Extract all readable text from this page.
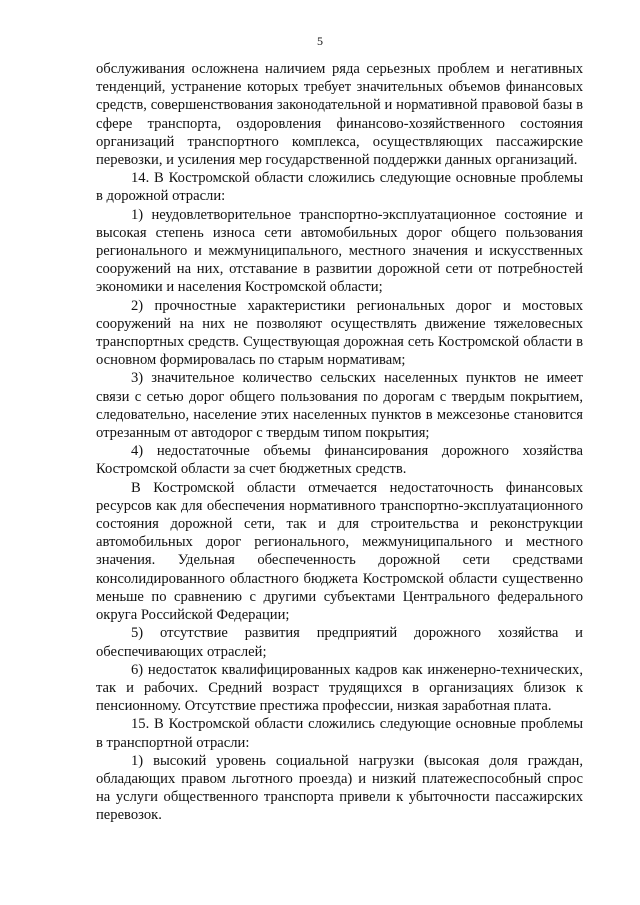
5

обслуживания осложнена наличием ряда серьезных проблем и негативных тенденций, устранение которых требует значительных объемов финансовых средств, совершенствования законодательной и нормативной правовой базы в сфере транспорта, оздоровления финансово-хозяйственного состояния организаций транспортного комплекса, осуществляющих пассажирские перевозки, и усиления мер государственной поддержки данных организаций.

14. В Костромской области сложились следующие основные проблемы в дорожной отрасли:

1) неудовлетворительное транспортно-эксплуатационное состояние и высокая степень износа сети автомобильных дорог общего пользования регионального и межмуниципального, местного значения и искусственных сооружений на них, отставание в развитии дорожной сети от потребностей экономики и населения Костромской области;

2) прочностные характеристики региональных дорог и мостовых сооружений на них не позволяют осуществлять движение тяжеловесных транспортных средств. Существующая дорожная сеть Костромской области в основном формировалась по старым нормативам;

3) значительное количество сельских населенных пунктов не имеет связи с сетью дорог общего пользования по дорогам с твердым покрытием, следовательно, население этих населенных пунктов в межсезонье становится отрезанным от автодорог с твердым типом покрытия;

4) недостаточные объемы финансирования дорожного хозяйства Костромской области за счет бюджетных средств.

В Костромской области отмечается недостаточность финансовых ресурсов как для обеспечения нормативного транспортно-эксплуатационного состояния дорожной сети, так и для строительства и реконструкции автомобильных дорог регионального, межмуниципального и местного значения. Удельная обеспеченность дорожной сети средствами консолидированного областного бюджета Костромской области существенно меньше по сравнению с другими субъектами Центрального федерального округа Российской Федерации;

5) отсутствие развития предприятий дорожного хозяйства и обеспечивающих отраслей;

6) недостаток квалифицированных кадров как инженерно-технических, так и рабочих. Средний возраст трудящихся в организациях близок к пенсионному. Отсутствие престижа профессии, низкая заработная плата.

15. В Костромской области сложились следующие основные проблемы в транспортной отрасли:

1) высокий уровень социальной нагрузки (высокая доля граждан, обладающих правом льготного проезда) и низкий платежеспособный спрос на услуги общественного транспорта привели к убыточности пассажирских перевозок.
